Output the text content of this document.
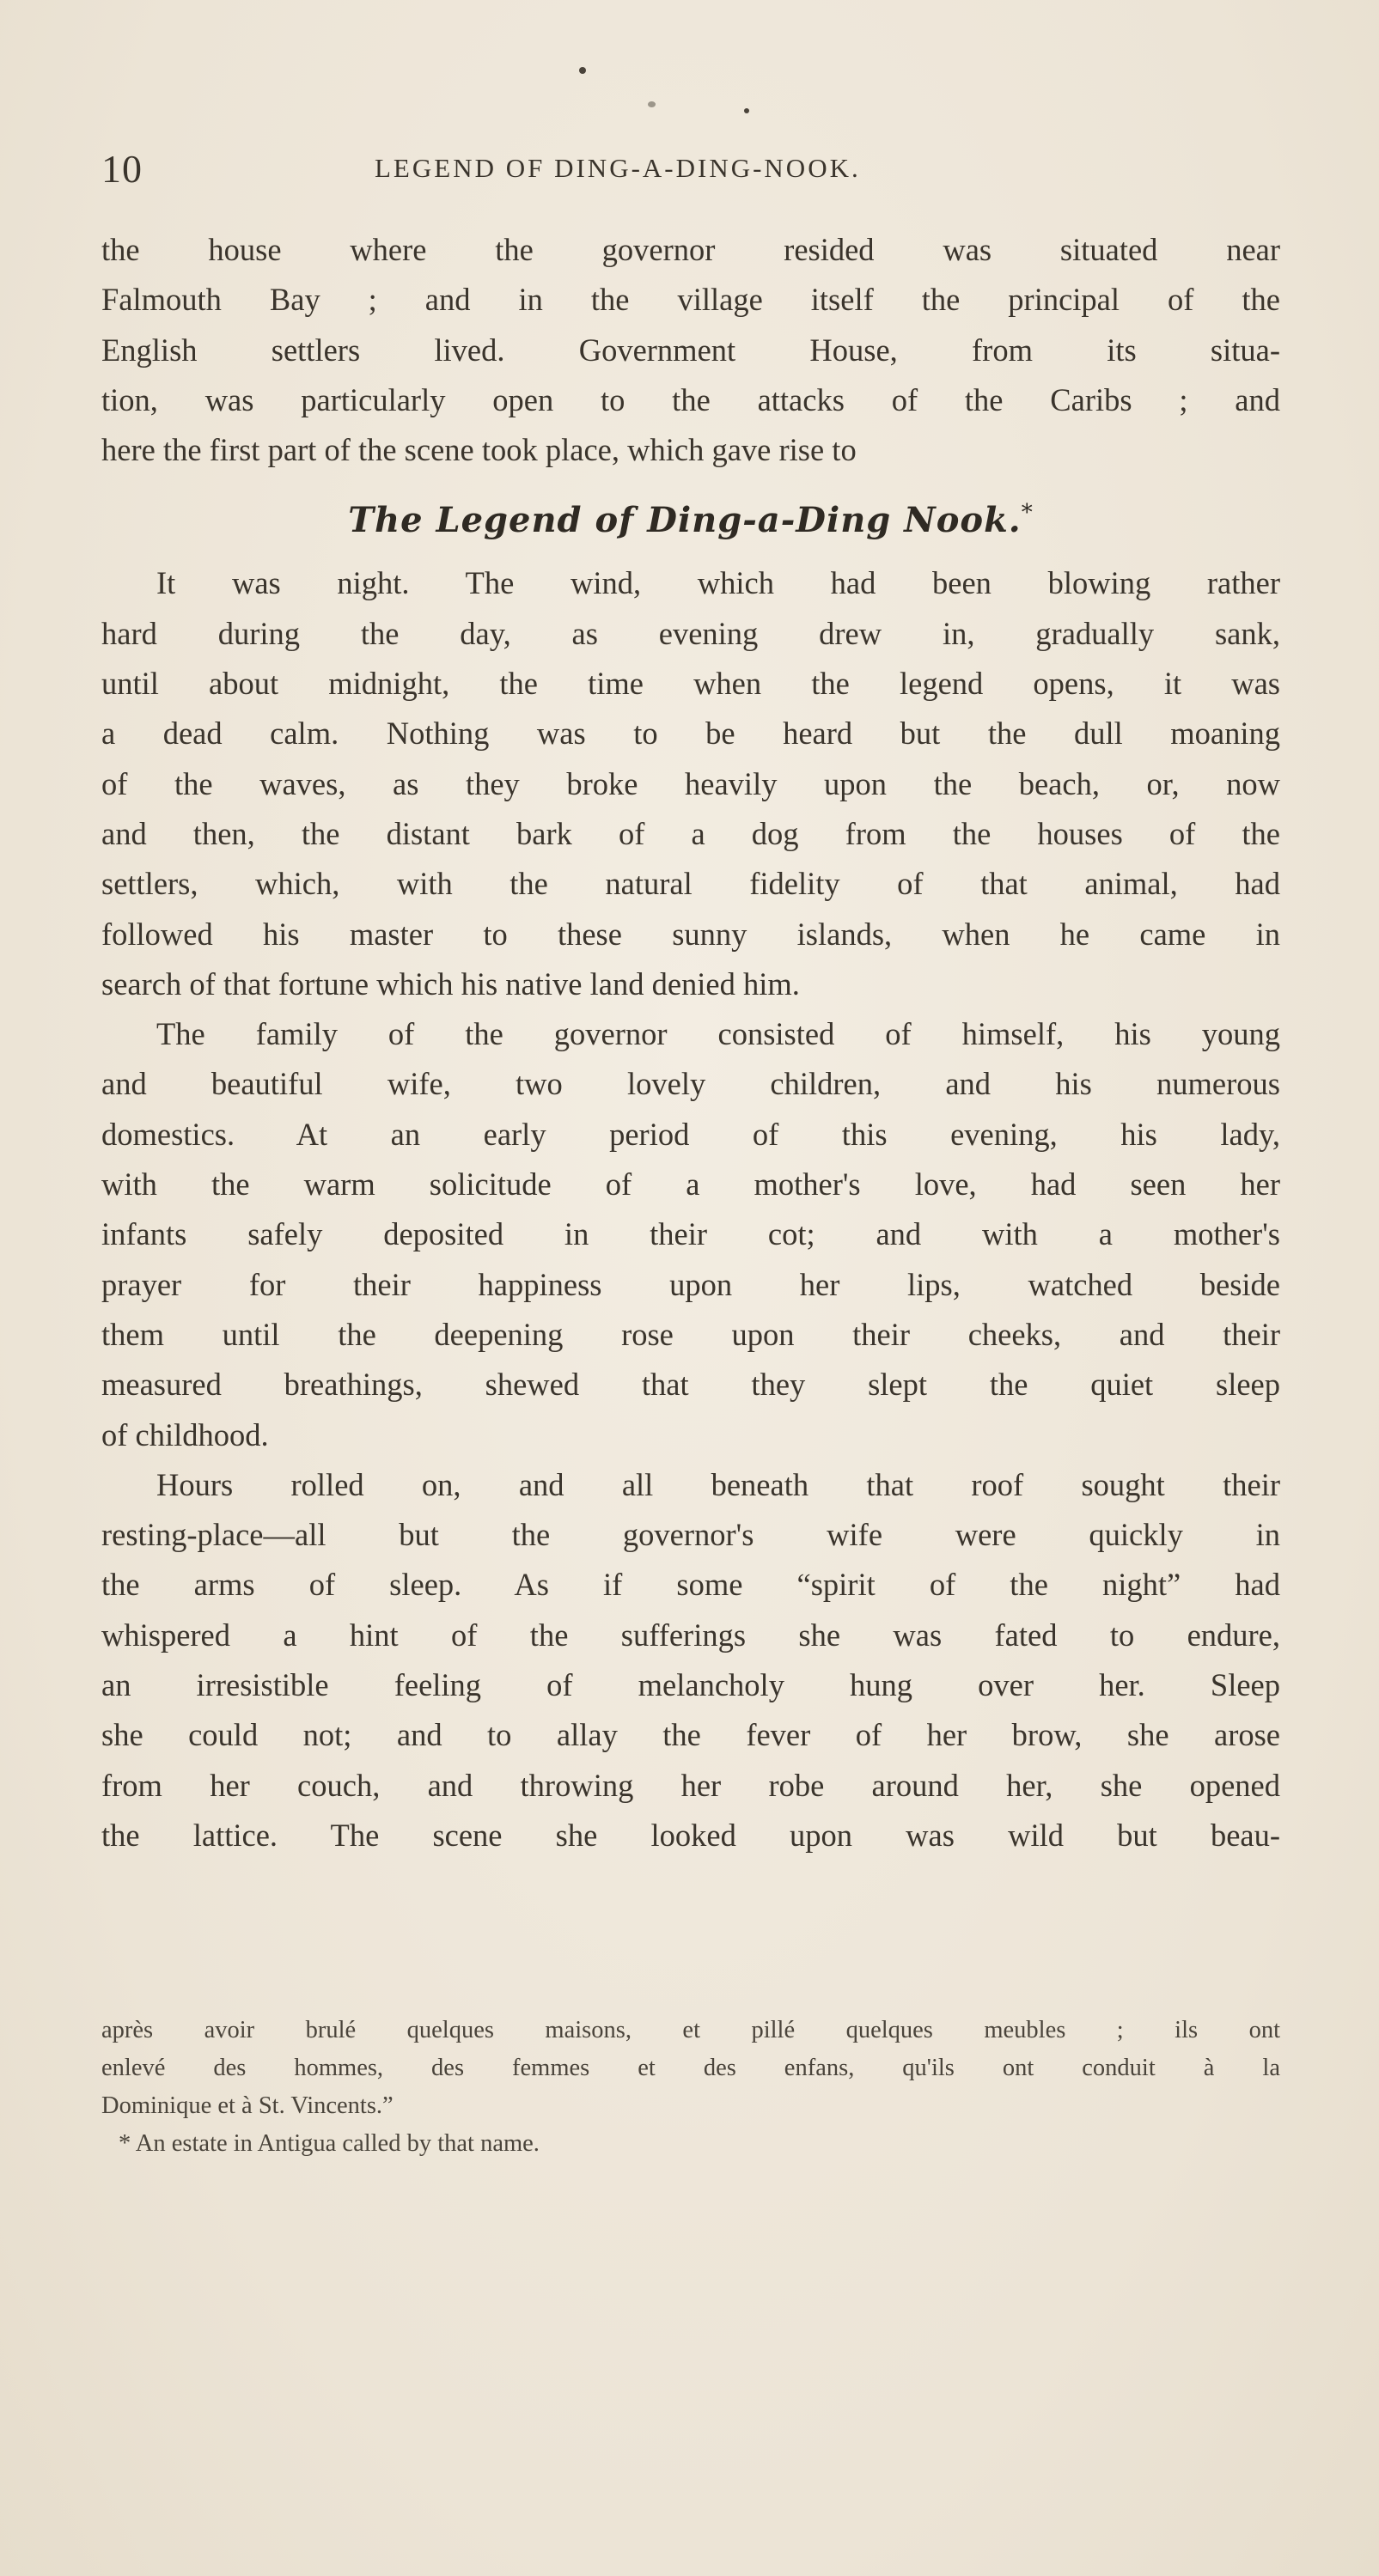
10	LEGEND OF DING-A-DING-NOOK.

the house where the governor resided was situated near

Falmouth Bay ; and in the village itself the principal of the

English settlers lived. Government House, from its situa-

tion, was particularly open to the attacks of the Caribs ; and

here the first part of the scene took place, which gave rise to

The Legend of Ding-a-Ding Nook.*

It was night. The wind, which had been blowing rather

hard during the day, as evening drew in, gradually sank,

until about midnight, the time when the legend opens, it was

a dead calm. Nothing was to be heard but the dull moaning

of the waves, as they broke heavily upon the beach, or, now

and then, the distant bark of a dog from the houses of the

settlers, which, with the natural fidelity of that animal, had

followed his master to these sunny islands, when he came in

search of that fortune which his native land denied him.

The family of the governor consisted of himself, his young

and beautiful wife, two lovely children, and his numerous

domestics. At an early period of this evening, his lady,

with the warm solicitude of a mother's love, had seen her

infants safely deposited in their cot; and with a mother's

prayer for their happiness upon her lips, watched beside

them until the deepening rose upon their cheeks, and their

measured breathings, shewed that they slept the quiet sleep

of childhood.

Hours rolled on, and all beneath that roof sought their

resting-place—all but the governor's wife were quickly in

the arms of sleep. As if some “spirit of the night” had

whispered a hint of the sufferings she was fated to endure,

an irresistible feeling of melancholy hung over her. Sleep

she could not; and to allay the fever of her brow, she arose

from her couch, and throwing her robe around her, she opened

the lattice. The scene she looked upon was wild but beau-

après avoir brulé quelques maisons, et pillé quelques meubles ; ils ont

enlevé des hommes, des femmes et des enfans, qu'ils ont conduit à la

Dominique et à St. Vincents.”

* An estate in Antigua called by that name.
